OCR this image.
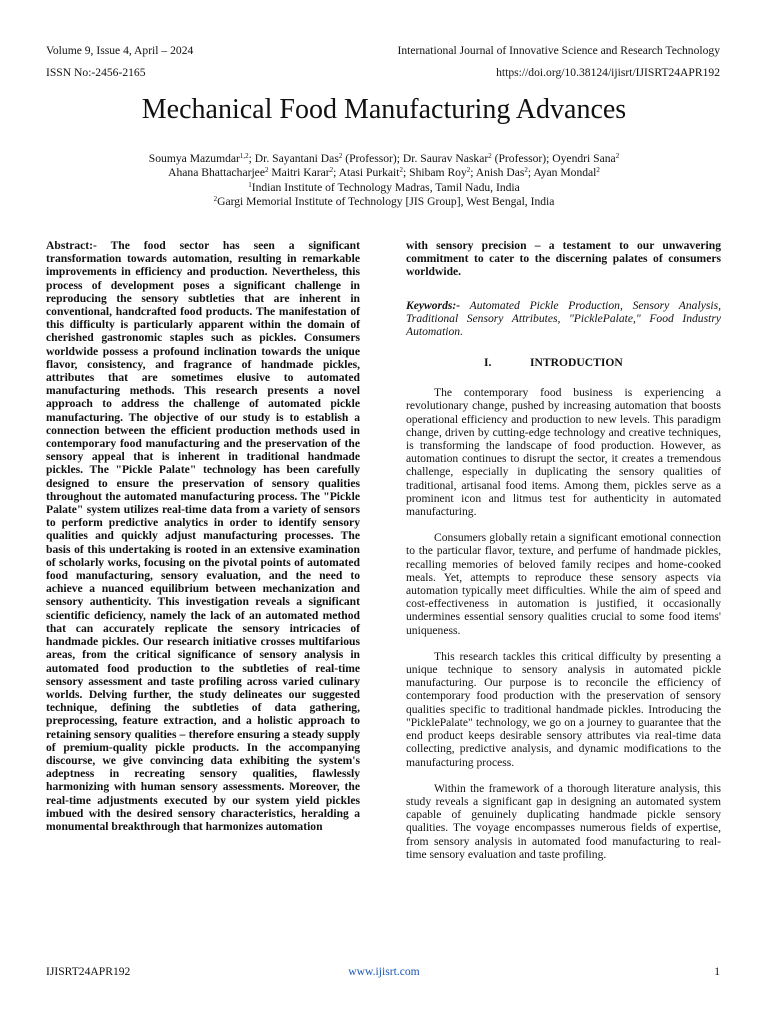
Volume 9, Issue 4, April – 2024
ISSN No:-2456-2165
International Journal of Innovative Science and Research Technology
https://doi.org/10.38124/ijisrt/IJISRT24APR192
Mechanical Food Manufacturing Advances
Soumya Mazumdar$^{1,2}$; Dr. Sayantani Das$^2$ (Professor); Dr. Saurav Naskar$^2$ (Professor); Oyendri Sana$^2$
Ahana Bhattacharjee$^2$ Maitri Karar$^2$; Atasi Purkait$^2$; Shibam Roy$^2$; Anish Das$^2$; Ayan Mondal$^2$
$^1$Indian Institute of Technology Madras, Tamil Nadu, India
$^2$Gargi Memorial Institute of Technology [JIS Group], West Bengal, India

Abstract:- The food sector has seen a significant transformation towards automation, resulting in remarkable improvements in efficiency and production. Nevertheless, this process of development poses a significant challenge in reproducing the sensory subtleties that are inherent in conventional, handcrafted food products. The manifestation of this difficulty is particularly apparent within the domain of cherished gastronomic staples such as pickles. Consumers worldwide possess a profound inclination towards the unique flavor, consistency, and fragrance of handmade pickles, attributes that are sometimes elusive to automated manufacturing methods. This research presents a novel approach to address the challenge of automated pickle manufacturing. The objective of our study is to establish a connection between the efficient production methods used in contemporary food manufacturing and the preservation of the sensory appeal that is inherent in traditional handmade pickles. The "Pickle Palate" technology has been carefully designed to ensure the preservation of sensory qualities throughout the automated manufacturing process. The "Pickle Palate" system utilizes real-time data from a variety of sensors to perform predictive analytics in order to identify sensory qualities and quickly adjust manufacturing processes. The basis of this undertaking is rooted in an extensive examination of scholarly works, focusing on the pivotal points of automated food manufacturing, sensory evaluation, and the need to achieve a nuanced equilibrium between mechanization and sensory authenticity. This investigation reveals a significant scientific deficiency, namely the lack of an automated method that can accurately replicate the sensory intricacies of handmade pickles. Our research initiative crosses multifarious areas, from the critical significance of sensory analysis in automated food production to the subtleties of real-time sensory assessment and taste profiling across varied culinary worlds. Delving further, the study delineates our suggested technique, defining the subtleties of data gathering, preprocessing, feature extraction, and a holistic approach to retaining sensory qualities – therefore ensuring a steady supply of premium-quality pickle products. In the accompanying discourse, we give convincing data exhibiting the system's adeptness in recreating sensory qualities, flawlessly harmonizing with human sensory assessments. Moreover, the real-time adjustments executed by our system yield pickles imbued with the desired sensory characteristics, heralding a monumental breakthrough that harmonizes automation

with sensory precision – a testament to our unwavering commitment to cater to the discerning palates of consumers worldwide.

Keywords:- Automated Pickle Production, Sensory Analysis, Traditional Sensory Attributes, "PicklePalate," Food Industry Automation.

I.	INTRODUCTION

The contemporary food business is experiencing a revolutionary change, pushed by increasing automation that boosts operational efficiency and production to new levels. This paradigm change, driven by cutting-edge technology and creative techniques, is transforming the landscape of food production. However, as automation continues to disrupt the sector, it creates a tremendous challenge, especially in duplicating the sensory qualities of traditional, artisanal food items. Among them, pickles serve as a prominent icon and litmus test for authenticity in automated manufacturing.

Consumers globally retain a significant emotional connection to the particular flavor, texture, and perfume of handmade pickles, recalling memories of beloved family recipes and home-cooked meals. Yet, attempts to reproduce these sensory aspects via automation typically meet difficulties. While the aim of speed and cost-effectiveness in automation is justified, it occasionally undermines essential sensory qualities crucial to some food items' uniqueness.

This research tackles this critical difficulty by presenting a unique technique to sensory analysis in automated pickle manufacturing. Our purpose is to reconcile the efficiency of contemporary food production with the preservation of sensory qualities specific to traditional handmade pickles. Introducing the "PicklePalate" technology, we go on a journey to guarantee that the end product keeps desirable sensory attributes via real-time data collecting, predictive analysis, and dynamic modifications to the manufacturing process.

Within the framework of a thorough literature analysis, this study reveals a significant gap in designing an automated system capable of genuinely duplicating handmade pickle sensory qualities. The voyage encompasses numerous fields of expertise, from sensory analysis in automated food manufacturing to real-time sensory evaluation and taste profiling.

IJISRT24APR192	www.ijisrt.com	1
